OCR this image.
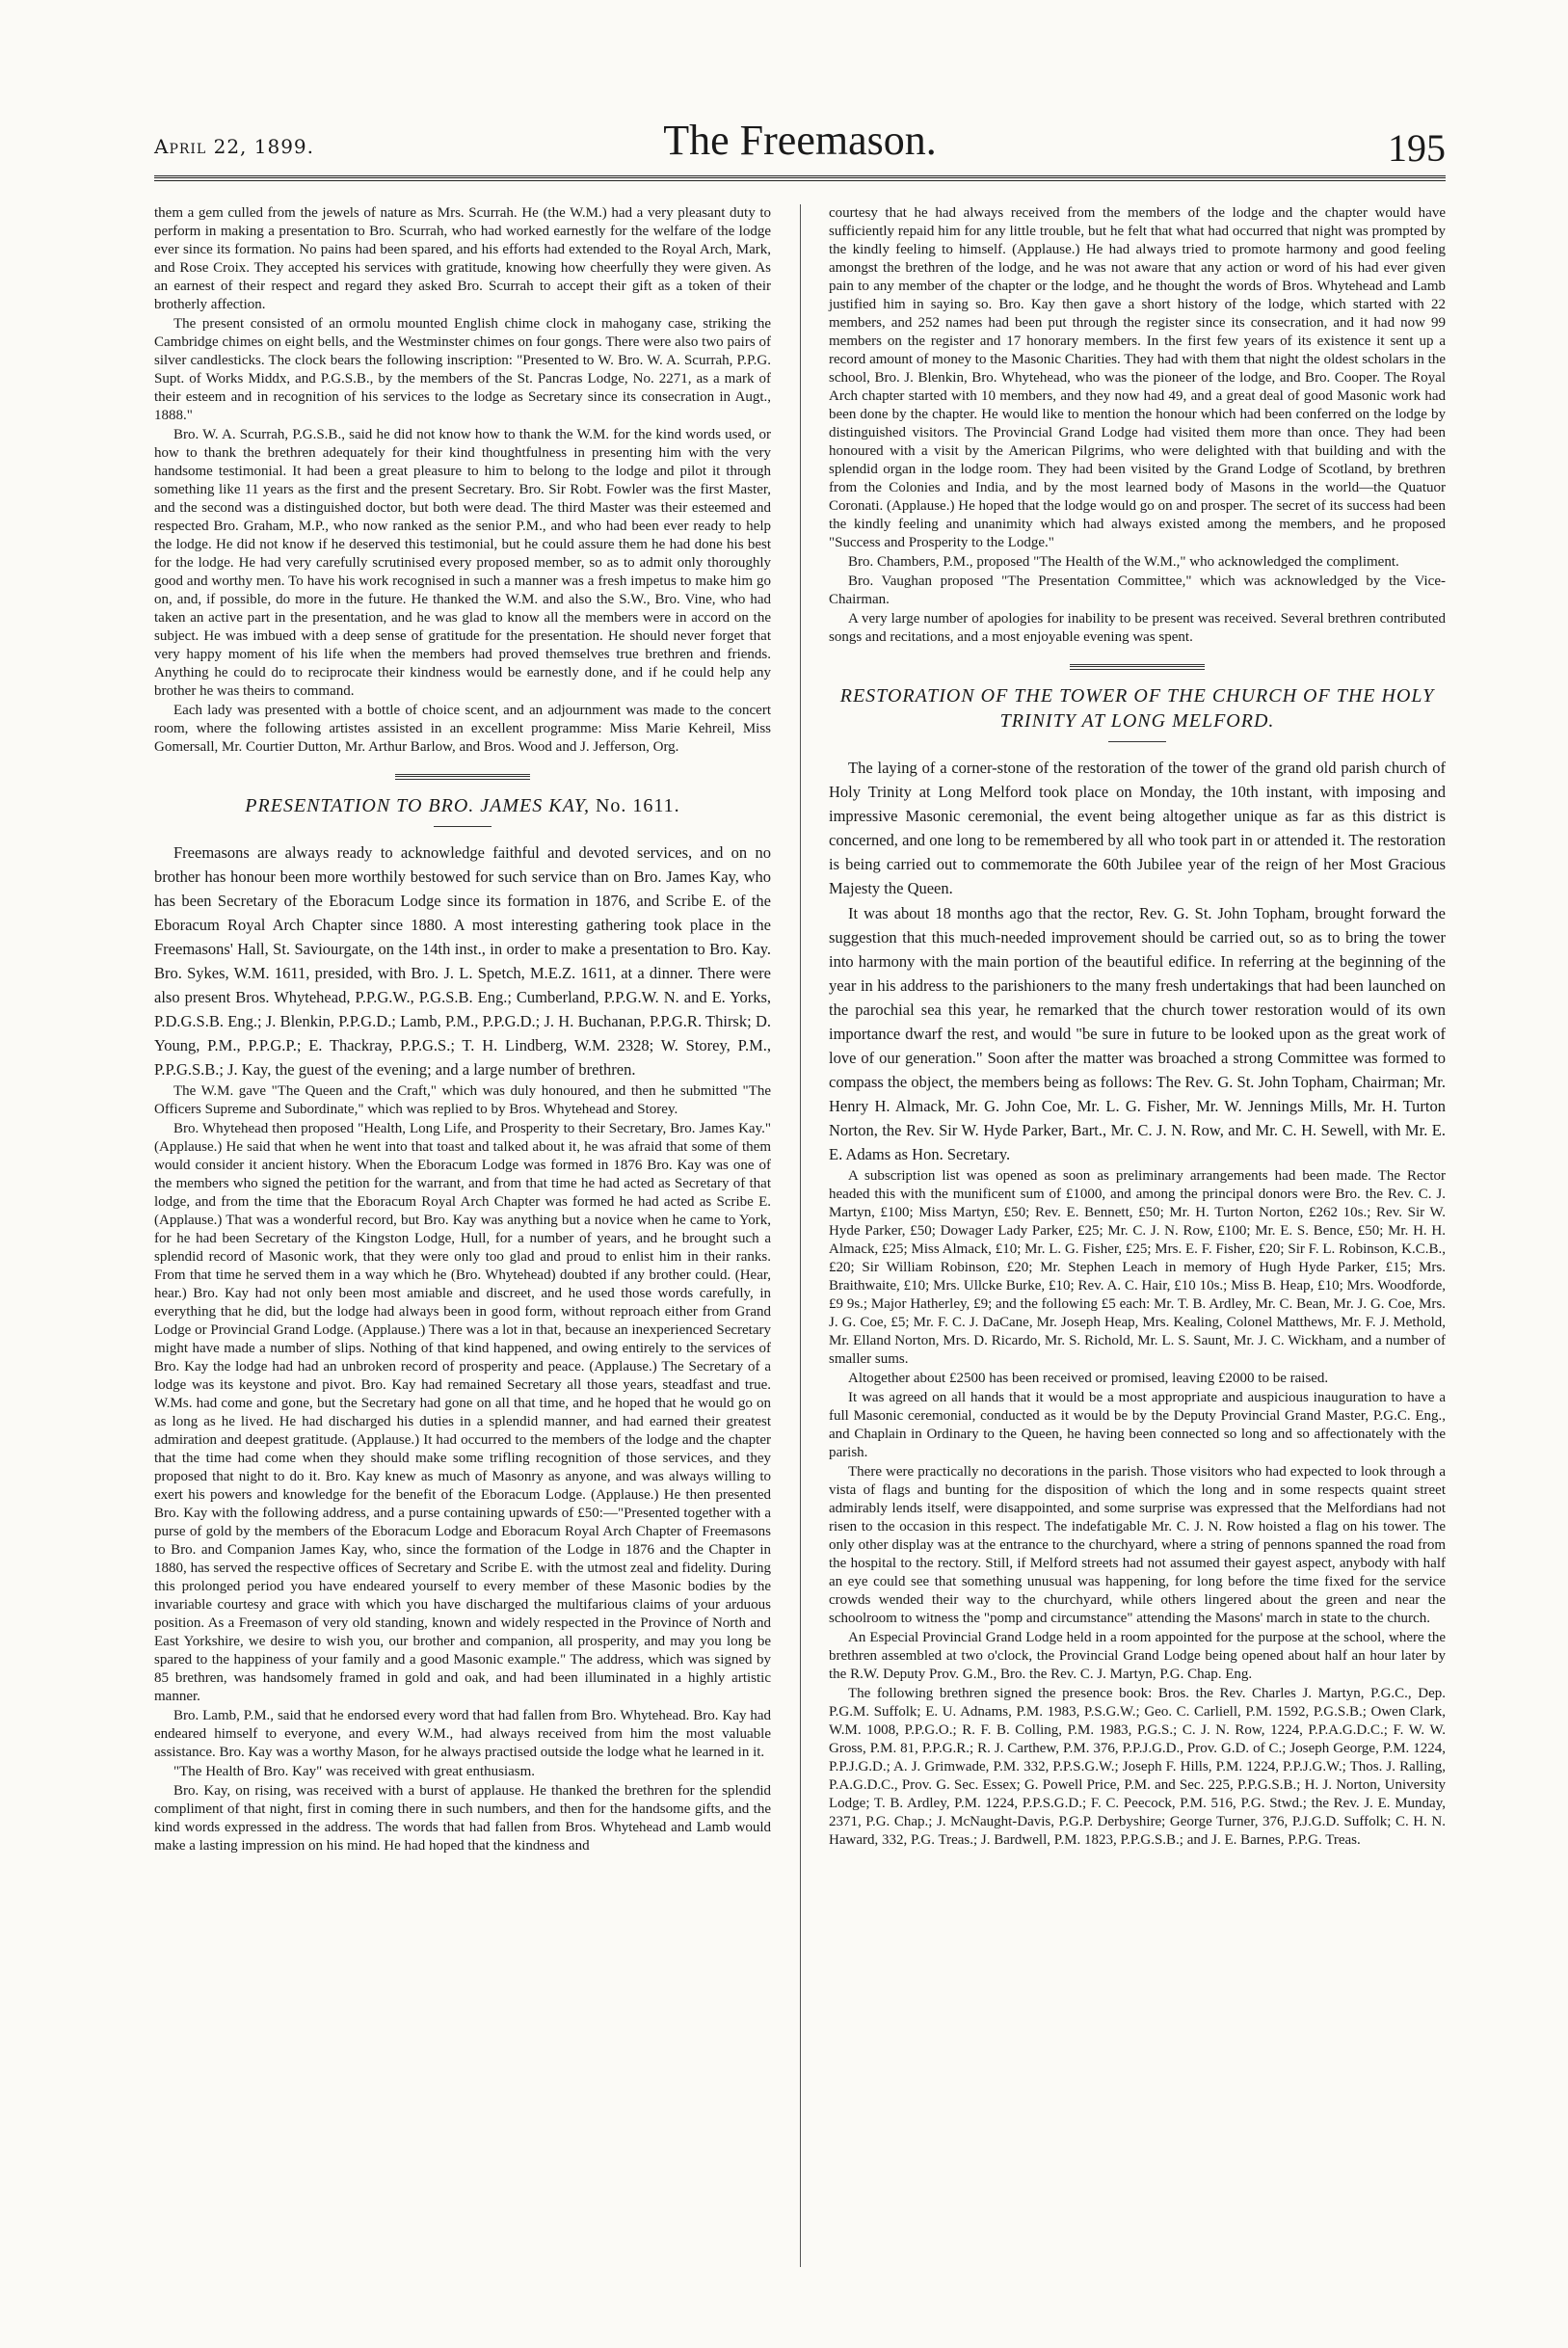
April 22, 1899.	The Freemason.	195

them a gem culled from the jewels of nature as Mrs. Scurrah. He (the W.M.) had a very pleasant duty to perform in making a presentation to Bro. Scurrah, who had worked earnestly for the welfare of the lodge ever since its formation. No pains had been spared, and his efforts had extended to the Royal Arch, Mark, and Rose Croix. They accepted his services with gratitude, knowing how cheerfully they were given. As an earnest of their respect and regard they asked Bro. Scurrah to accept their gift as a token of their brotherly affection.

The present consisted of an ormolu mounted English chime clock in mahogany case, striking the Cambridge chimes on eight bells, and the Westminster chimes on four gongs. There were also two pairs of silver candlesticks. The clock bears the following inscription: "Presented to W. Bro. W. A. Scurrah, P.P.G. Supt. of Works Middx, and P.G.S.B., by the members of the St. Pancras Lodge, No. 2271, as a mark of their esteem and in recognition of his services to the lodge as Secretary since its consecration in Augt., 1888."

Bro. W. A. Scurrah, P.G.S.B., said he did not know how to thank the W.M. for the kind words used, or how to thank the brethren adequately for their kind thoughtfulness in presenting him with the very handsome testimonial. It had been a great pleasure to him to belong to the lodge and pilot it through something like 11 years as the first and the present Secretary. Bro. Sir Robt. Fowler was the first Master, and the second was a distinguished doctor, but both were dead. The third Master was their esteemed and respected Bro. Graham, M.P., who now ranked as the senior P.M., and who had been ever ready to help the lodge. He did not know if he deserved this testimonial, but he could assure them he had done his best for the lodge. He had very carefully scrutinised every proposed member, so as to admit only thoroughly good and worthy men. To have his work recognised in such a manner was a fresh impetus to make him go on, and, if possible, do more in the future. He thanked the W.M. and also the S.W., Bro. Vine, who had taken an active part in the presentation, and he was glad to know all the members were in accord on the subject. He was imbued with a deep sense of gratitude for the presentation. He should never forget that very happy moment of his life when the members had proved themselves true brethren and friends. Anything he could do to reciprocate their kindness would be earnestly done, and if he could help any brother he was theirs to command.

Each lady was presented with a bottle of choice scent, and an adjournment was made to the concert room, where the following artistes assisted in an excellent programme: Miss Marie Kehreil, Miss Gomersall, Mr. Courtier Dutton, Mr. Arthur Barlow, and Bros. Wood and J. Jefferson, Org.

PRESENTATION TO BRO. JAMES KAY, No. 1611.

Freemasons are always ready to acknowledge faithful and devoted services, and on no brother has honour been more worthily bestowed for such service than on Bro. James Kay, who has been Secretary of the Eboracum Lodge since its formation in 1876, and Scribe E. of the Eboracum Royal Arch Chapter since 1880. A most interesting gathering took place in the Freemasons' Hall, St. Saviourgate, on the 14th inst., in order to make a presentation to Bro. Kay. Bro. Sykes, W.M. 1611, presided, with Bro. J. L. Spetch, M.E.Z. 1611, at a dinner. There were also present Bros. Whytehead, P.P.G.W., P.G.S.B. Eng.; Cumberland, P.P.G.W. N. and E. Yorks, P.D.G.S.B. Eng.; J. Blenkin, P.P.G.D.; Lamb, P.M., P.P.G.D.; J. H. Buchanan, P.P.G.R. Thirsk; D. Young, P.M., P.P.G.P.; E. Thackray, P.P.G.S.; T. H. Lindberg, W.M. 2328; W. Storey, P.M., P.P.G.S.B.; J. Kay, the guest of the evening; and a large number of brethren.

The W.M. gave "The Queen and the Craft," which was duly honoured, and then he submitted "The Officers Supreme and Subordinate," which was replied to by Bros. Whytehead and Storey.

Bro. Whytehead then proposed "Health, Long Life, and Prosperity to their Secretary, Bro. James Kay." (Applause.) He said that when he went into that toast and talked about it, he was afraid that some of them would consider it ancient history. When the Eboracum Lodge was formed in 1876 Bro. Kay was one of the members who signed the petition for the warrant, and from that time he had acted as Secretary of that lodge, and from the time that the Eboracum Royal Arch Chapter was formed he had acted as Scribe E. (Applause.) That was a wonderful record, but Bro. Kay was anything but a novice when he came to York, for he had been Secretary of the Kingston Lodge, Hull, for a number of years, and he brought such a splendid record of Masonic work, that they were only too glad and proud to enlist him in their ranks. From that time he served them in a way which he (Bro. Whytehead) doubted if any brother could. (Hear, hear.) Bro. Kay had not only been most amiable and discreet, and he used those words carefully, in everything that he did, but the lodge had always been in good form, without reproach either from Grand Lodge or Provincial Grand Lodge. (Applause.) There was a lot in that, because an inexperienced Secretary might have made a number of slips. Nothing of that kind happened, and owing entirely to the services of Bro. Kay the lodge had had an unbroken record of prosperity and peace. (Applause.) The Secretary of a lodge was its keystone and pivot. Bro. Kay had remained Secretary all those years, steadfast and true. W.Ms. had come and gone, but the Secretary had gone on all that time, and he hoped that he would go on as long as he lived. He had discharged his duties in a splendid manner, and had earned their greatest admiration and deepest gratitude. (Applause.) It had occurred to the members of the lodge and the chapter that the time had come when they should make some trifling recognition of those services, and they proposed that night to do it. Bro. Kay knew as much of Masonry as anyone, and was always willing to exert his powers and knowledge for the benefit of the Eboracum Lodge. (Applause.) He then presented Bro. Kay with the following address, and a purse containing upwards of £50:—"Presented together with a purse of gold by the members of the Eboracum Lodge and Eboracum Royal Arch Chapter of Freemasons to Bro. and Companion James Kay, who, since the formation of the Lodge in 1876 and the Chapter in 1880, has served the respective offices of Secretary and Scribe E. with the utmost zeal and fidelity. During this prolonged period you have endeared yourself to every member of these Masonic bodies by the invariable courtesy and grace with which you have discharged the multifarious claims of your arduous position. As a Freemason of very old standing, known and widely respected in the Province of North and East Yorkshire, we desire to wish you, our brother and companion, all prosperity, and may you long be spared to the happiness of your family and a good Masonic example." The address, which was signed by 85 brethren, was handsomely framed in gold and oak, and had been illuminated in a highly artistic manner.

Bro. Lamb, P.M., said that he endorsed every word that had fallen from Bro. Whytehead. Bro. Kay had endeared himself to everyone, and every W.M., had always received from him the most valuable assistance. Bro. Kay was a worthy Mason, for he always practised outside the lodge what he learned in it.

"The Health of Bro. Kay" was received with great enthusiasm.

Bro. Kay, on rising, was received with a burst of applause. He thanked the brethren for the splendid compliment of that night, first in coming there in such numbers, and then for the handsome gifts, and the kind words expressed in the address. The words that had fallen from Bros. Whytehead and Lamb would make a lasting impression on his mind. He had hoped that the kindness and

courtesy that he had always received from the members of the lodge and the chapter would have sufficiently repaid him for any little trouble, but he felt that what had occurred that night was prompted by the kindly feeling to himself. (Applause.) He had always tried to promote harmony and good feeling amongst the brethren of the lodge, and he was not aware that any action or word of his had ever given pain to any member of the chapter or the lodge, and he thought the words of Bros. Whytehead and Lamb justified him in saying so. Bro. Kay then gave a short history of the lodge, which started with 22 members, and 252 names had been put through the register since its consecration, and it had now 99 members on the register and 17 honorary members. In the first few years of its existence it sent up a record amount of money to the Masonic Charities. They had with them that night the oldest scholars in the school, Bro. J. Blenkin, Bro. Whytehead, who was the pioneer of the lodge, and Bro. Cooper. The Royal Arch chapter started with 10 members, and they now had 49, and a great deal of good Masonic work had been done by the chapter. He would like to mention the honour which had been conferred on the lodge by distinguished visitors. The Provincial Grand Lodge had visited them more than once. They had been honoured with a visit by the American Pilgrims, who were delighted with that building and with the splendid organ in the lodge room. They had been visited by the Grand Lodge of Scotland, by brethren from the Colonies and India, and by the most learned body of Masons in the world—the Quatuor Coronati. (Applause.) He hoped that the lodge would go on and prosper. The secret of its success had been the kindly feeling and unanimity which had always existed among the members, and he proposed "Success and Prosperity to the Lodge."

Bro. Chambers, P.M., proposed "The Health of the W.M.," who acknowledged the compliment.

Bro. Vaughan proposed "The Presentation Committee," which was acknowledged by the Vice-Chairman.

A very large number of apologies for inability to be present was received. Several brethren contributed songs and recitations, and a most enjoyable evening was spent.

RESTORATION OF THE TOWER OF THE CHURCH OF THE HOLY TRINITY AT LONG MELFORD.

The laying of a corner-stone of the restoration of the tower of the grand old parish church of Holy Trinity at Long Melford took place on Monday, the 10th instant, with imposing and impressive Masonic ceremonial, the event being altogether unique as far as this district is concerned, and one long to be remembered by all who took part in or attended it. The restoration is being carried out to commemorate the 60th Jubilee year of the reign of her Most Gracious Majesty the Queen.

It was about 18 months ago that the rector, Rev. G. St. John Topham, brought forward the suggestion that this much-needed improvement should be carried out, so as to bring the tower into harmony with the main portion of the beautiful edifice. In referring at the beginning of the year in his address to the parishioners to the many fresh undertakings that had been launched on the parochial sea this year, he remarked that the church tower restoration would of its own importance dwarf the rest, and would "be sure in future to be looked upon as the great work of love of our generation." Soon after the matter was broached a strong Committee was formed to compass the object, the members being as follows: The Rev. G. St. John Topham, Chairman; Mr. Henry H. Almack, Mr. G. John Coe, Mr. L. G. Fisher, Mr. W. Jennings Mills, Mr. H. Turton Norton, the Rev. Sir W. Hyde Parker, Bart., Mr. C. J. N. Row, and Mr. C. H. Sewell, with Mr. E. E. Adams as Hon. Secretary.

A subscription list was opened as soon as preliminary arrangements had been made. The Rector headed this with the munificent sum of £1000, and among the principal donors were Bro. the Rev. C. J. Martyn, £100; Miss Martyn, £50; Rev. E. Bennett, £50; Mr. H. Turton Norton, £262 10s.; Rev. Sir W. Hyde Parker, £50; Dowager Lady Parker, £25; Mr. C. J. N. Row, £100; Mr. E. S. Bence, £50; Mr. H. H. Almack, £25; Miss Almack, £10; Mr. L. G. Fisher, £25; Mrs. E. F. Fisher, £20; Sir F. L. Robinson, K.C.B., £20; Sir William Robinson, £20; Mr. Stephen Leach in memory of Hugh Hyde Parker, £15; Mrs. Braithwaite, £10; Mrs. Ullcke Burke, £10; Rev. A. C. Hair, £10 10s.; Miss B. Heap, £10; Mrs. Woodforde, £9 9s.; Major Hatherley, £9; and the following £5 each: Mr. T. B. Ardley, Mr. C. Bean, Mr. J. G. Coe, Mrs. J. G. Coe, £5; Mr. F. C. J. DaCane, Mr. Joseph Heap, Mrs. Kealing, Colonel Matthews, Mr. F. J. Methold, Mr. Elland Norton, Mrs. D. Ricardo, Mr. S. Richold, Mr. L. S. Saunt, Mr. J. C. Wickham, and a number of smaller sums.

Altogether about £2500 has been received or promised, leaving £2000 to be raised.

It was agreed on all hands that it would be a most appropriate and auspicious inauguration to have a full Masonic ceremonial, conducted as it would be by the Deputy Provincial Grand Master, P.G.C. Eng., and Chaplain in Ordinary to the Queen, he having been connected so long and so affectionately with the parish.

There were practically no decorations in the parish. Those visitors who had expected to look through a vista of flags and bunting for the disposition of which the long and in some respects quaint street admirably lends itself, were disappointed, and some surprise was expressed that the Melfordians had not risen to the occasion in this respect. The indefatigable Mr. C. J. N. Row hoisted a flag on his tower. The only other display was at the entrance to the churchyard, where a string of pennons spanned the road from the hospital to the rectory. Still, if Melford streets had not assumed their gayest aspect, anybody with half an eye could see that something unusual was happening, for long before the time fixed for the service crowds wended their way to the churchyard, while others lingered about the green and near the schoolroom to witness the "pomp and circumstance" attending the Masons' march in state to the church.

An Especial Provincial Grand Lodge held in a room appointed for the purpose at the school, where the brethren assembled at two o'clock, the Provincial Grand Lodge being opened about half an hour later by the R.W. Deputy Prov. G.M., Bro. the Rev. C. J. Martyn, P.G. Chap. Eng.

The following brethren signed the presence book: Bros. the Rev. Charles J. Martyn, P.G.C., Dep. P.G.M. Suffolk; E. U. Adnams, P.M. 1983, P.S.G.W.; Geo. C. Carliell, P.M. 1592, P.G.S.B.; Owen Clark, W.M. 1008, P.P.G.O.; R. F. B. Colling, P.M. 1983, P.G.S.; C. J. N. Row, 1224, P.P.A.G.D.C.; F. W. W. Gross, P.M. 81, P.P.G.R.; R. J. Carthew, P.M. 376, P.P.J.G.D., Prov. G.D. of C.; Joseph George, P.M. 1224, P.P.J.G.D.; A. J. Grimwade, P.M. 332, P.P.S.G.W.; Joseph F. Hills, P.M. 1224, P.P.J.G.W.; Thos. J. Ralling, P.A.G.D.C., Prov. G. Sec. Essex; G. Powell Price, P.M. and Sec. 225, P.P.G.S.B.; H. J. Norton, University Lodge; T. B. Ardley, P.M. 1224, P.P.S.G.D.; F. C. Peecock, P.M. 516, P.G. Stwd.; the Rev. J. E. Munday, 2371, P.G. Chap.; J. McNaught-Davis, P.G.P. Derbyshire; George Turner, 376, P.J.G.D. Suffolk; C. H. N. Haward, 332, P.G. Treas.; J. Bardwell, P.M. 1823, P.P.G.S.B.; and J. E. Barnes, P.P.G. Treas.
